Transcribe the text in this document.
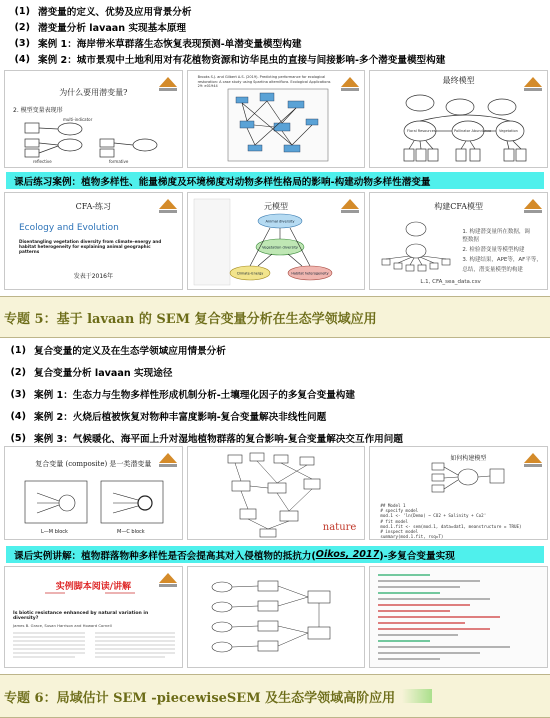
(1) 潜变量的定义、优势及应用背景分析
(2) 潜变量分析 lavaan 实现基本原理
(3) 案例 1：海岸带米草群落生态恢复表现预测-单潜变量模型构建
(4) 案例 2：城市景观中土地利用对有花植物资源和访华昆虫的直接与间接影响-多个潜变量模型构建
为什么要用潜变量?
2. 模型变量表现形
multi-indicator
reflective	formative
Brooks S.J. and Gilbert A.S. (2019). Predicting performance for ecological restoration: A case study using Spartina alterniflora. Ecological Applications 29: e01944
最终模型
Floral Resources	Pollinator Abundance Vegetation
课后练习案例：植物多样性、能量梯度及环境梯度对动物多样性格局的影响-构建动物多样性潜变量
CFA-练习
Ecology and Evolution
Disentangling vegetation diversity from climate–energy and habitat heterogeneity for explaining animal geographic patterns
发表于2016年
元模型
Animal diversity
Vegetation diversity
Climate–Energy	Habitat heterogeneity
构建CFA模型
1. 构建潜变量所在数据，调
整数据
2. 检验潜变量等模型构建
3. 构建结果，APE等，AF平等，
总结，潜变量模型的构建
L.1, CFA_sea_data.csv
专题 5：基于 lavaan 的 SEM 复合变量分析在生态学领域应用
(1) 复合变量的定义及在生态学领域应用情景分析
(2) 复合变量分析 lavaan 实现途径
(3) 案例 1：生态力与生物多样性形成机制分析-土壤理化因子的多复合变量构建
(4) 案例 2：火烧后植被恢复对物种丰富度影响-复合变量解决非线性问题
(5) 案例 3：气候暖化、海平面上升对湿地植物群落的复合影响-复合变量解决交互作用问题
复合变量 (composite) 是一类潜变量
L—M block	M—C block	nature
如何构建模型
## Model 1
# specify model
mod.1 <- 'ln(Demo) ~ CO2 + Salinity + Co2'
# fit model
mod.1.fit <- sem(mod.1, data=dat1, meanstructure = TRUE)
# inspect model
summary(mod.1.fit, rsq=T)
课后实例讲解：植物群落物种多样性是否会提高其对入侵植物的抵抗力( Oikos, 2017 )-多复合变量实现
实例脚本阅读/讲解
Is biotic resistance enhanced by natural variation in diversity?
James B. Grace, Susan Harrison and Howard Cornell
专题 6：局域估计 SEM -piecewiseSEM 及生态学领域高阶应用
